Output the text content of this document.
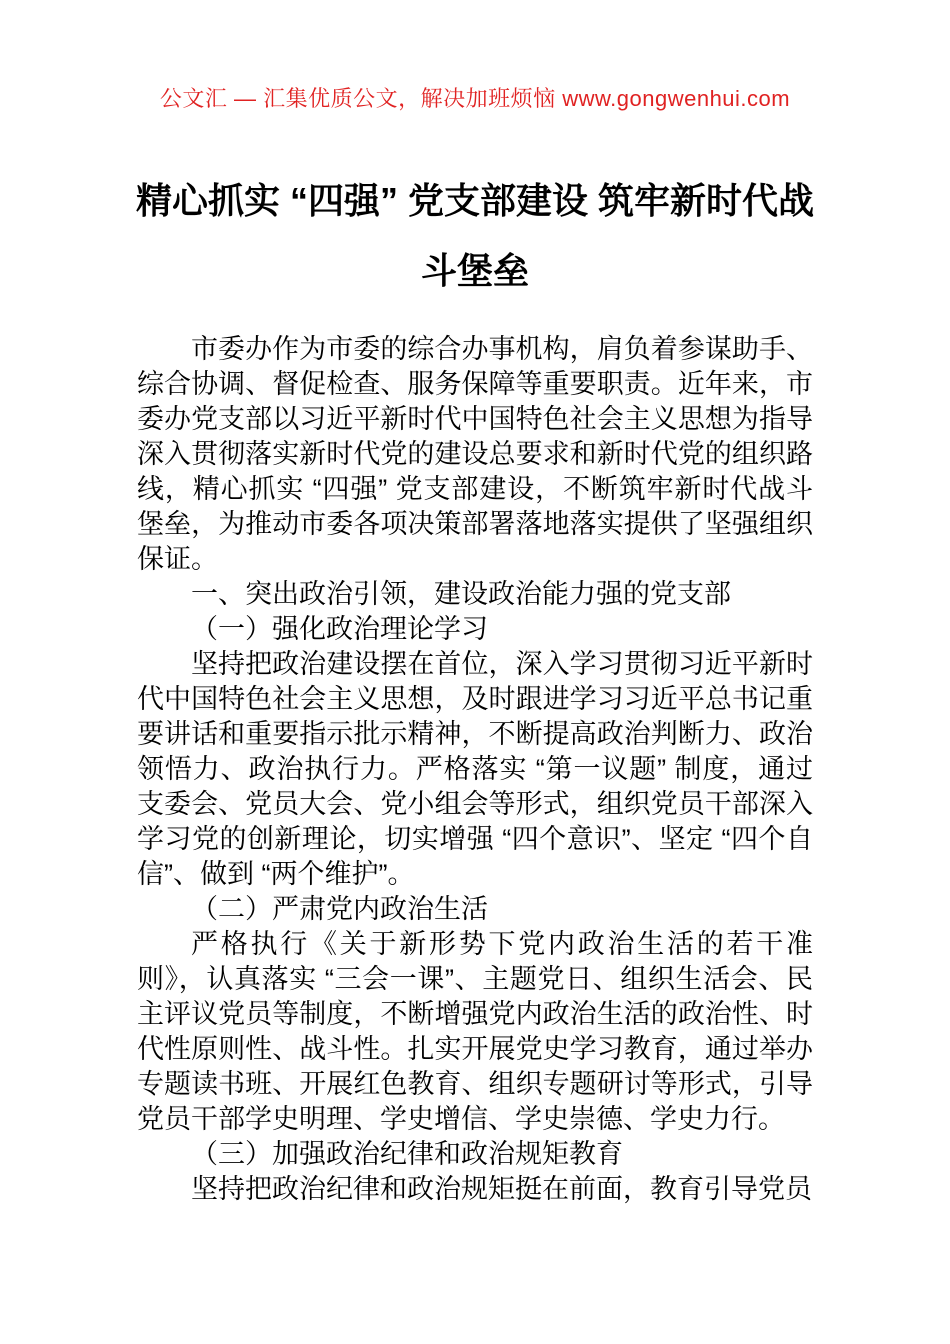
公文汇 — 汇集优质公文，解决加班烦恼 www.gongwenhui.com
精心抓实 “四强” 党支部建设 筑牢新时代战斗堡垒

市委办作为市委的综合办事机构，肩负着参谋助手、综合协调、督促检查、服务保障等重要职责。近年来，市委办党支部以习近平新时代中国特色社会主义思想为指导深入贯彻落实新时代党的建设总要求和新时代党的组织路线，精心抓实 “四强” 党支部建设，不断筑牢新时代战斗堡垒，为推动市委各项决策部署落地落实提供了坚强组织保证。

一、突出政治引领，建设政治能力强的党支部

（一）强化政治理论学习

坚持把政治建设摆在首位，深入学习贯彻习近平新时代中国特色社会主义思想，及时跟进学习习近平总书记重要讲话和重要指示批示精神，不断提高政治判断力、政治领悟力、政治执行力。严格落实 “第一议题” 制度，通过支委会、党员大会、党小组会等形式，组织党员干部深入学习党的创新理论，切实增强 “四个意识”、坚定 “四个自信”、做到 “两个维护”。

（二）严肃党内政治生活

严格执行《关于新形势下党内政治生活的若干准则》，认真落实 “三会一课”、主题党日、组织生活会、民主评议党员等制度，不断增强党内政治生活的政治性、时代性原则性、战斗性。扎实开展党史学习教育，通过举办专题读书班、开展红色教育、组织专题研讨等形式，引导党员干部学史明理、学史增信、学史崇德、学史力行。

（三）加强政治纪律和政治规矩教育

坚持把政治纪律和政治规矩挺在前面，教育引导党员
